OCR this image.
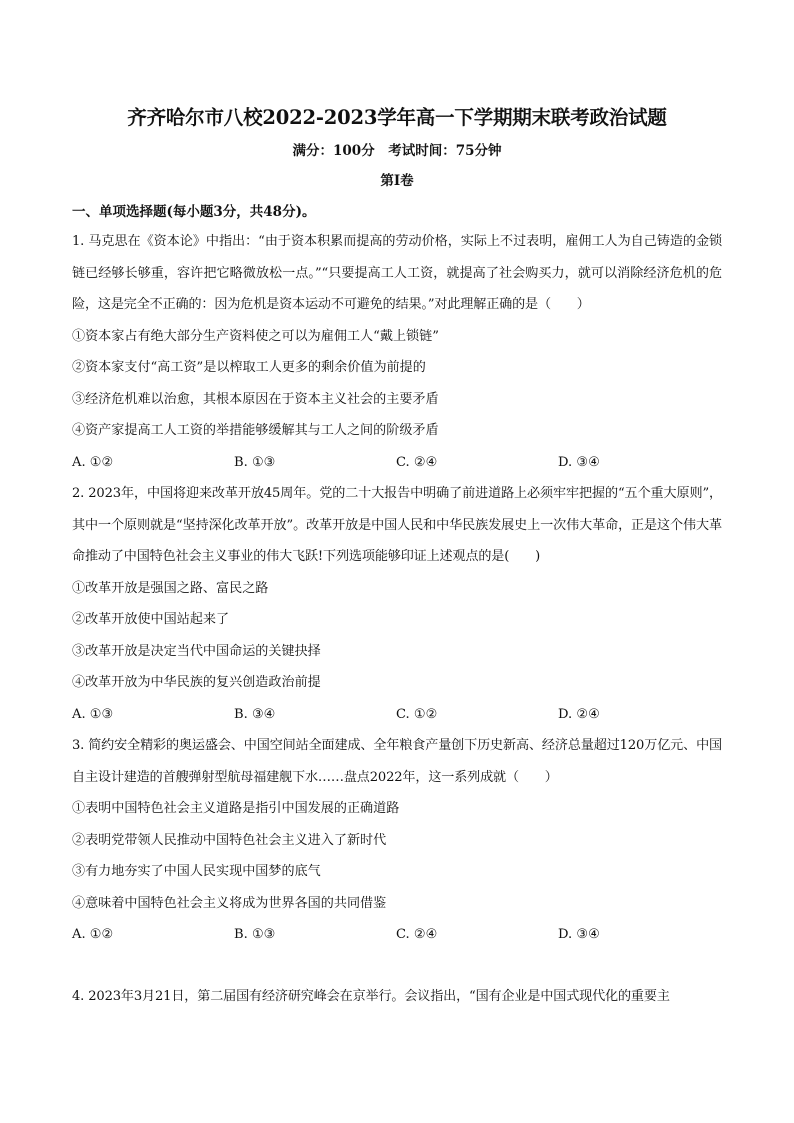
齐齐哈尔市八校2022-2023学年高一下学期期末联考政治试题
满分：100分　考试时间：75分钟
第Ⅰ卷
一、单项选择题(每小题3分，共48分)。

1. 马克思在《资本论》中指出：“由于资本积累而提高的劳动价格，实际上不过表明，雇佣工人为自己铸造的金锁链已经够长够重，容许把它略微放松一点。”“只要提高工人工资，就提高了社会购买力，就可以消除经济危机的危险，这是完全不正确的：因为危机是资本运动不可避免的结果。”对此理解正确的是（　　）

①资本家占有绝大部分生产资料使之可以为雇佣工人“戴上锁链”

②资本家支付“高工资”是以榨取工人更多的剩余价值为前提的

③经济危机难以治愈，其根本原因在于资本主义社会的主要矛盾

④资产家提高工人工资的举措能够缓解其与工人之间的阶级矛盾

A. ①②	B. ①③	C. ②④	D. ③④

2. 2023年，中国将迎来改革开放45周年。党的二十大报告中明确了前进道路上必须牢牢把握的“五个重大原则”，其中一个原则就是“坚持深化改革开放”。改革开放是中国人民和中华民族发展史上一次伟大革命，正是这个伟大革命推动了中国特色社会主义事业的伟大飞跃!下列选项能够印证上述观点的是(　　)

①改革开放是强国之路、富民之路

②改革开放使中国站起来了

③改革开放是决定当代中国命运的关键抉择

④改革开放为中华民族的复兴创造政治前提

A. ①③	B. ③④	C. ①②	D. ②④

3. 简约安全精彩的奥运盛会、中国空间站全面建成、全年粮食产量创下历史新高、经济总量超过120万亿元、中国自主设计建造的首艘弹射型航母福建舰下水……盘点2022年，这一系列成就（　　）

①表明中国特色社会主义道路是指引中国发展的正确道路

②表明党带领人民推动中国特色社会主义进入了新时代

③有力地夯实了中国人民实现中国梦的底气

④意味着中国特色社会主义将成为世界各国的共同借鉴

A. ①②	B. ①③	C. ②④	D. ③④

4. 2023年3月21日，第二届国有经济研究峰会在京举行。会议指出，“国有企业是中国式现代化的重要主
